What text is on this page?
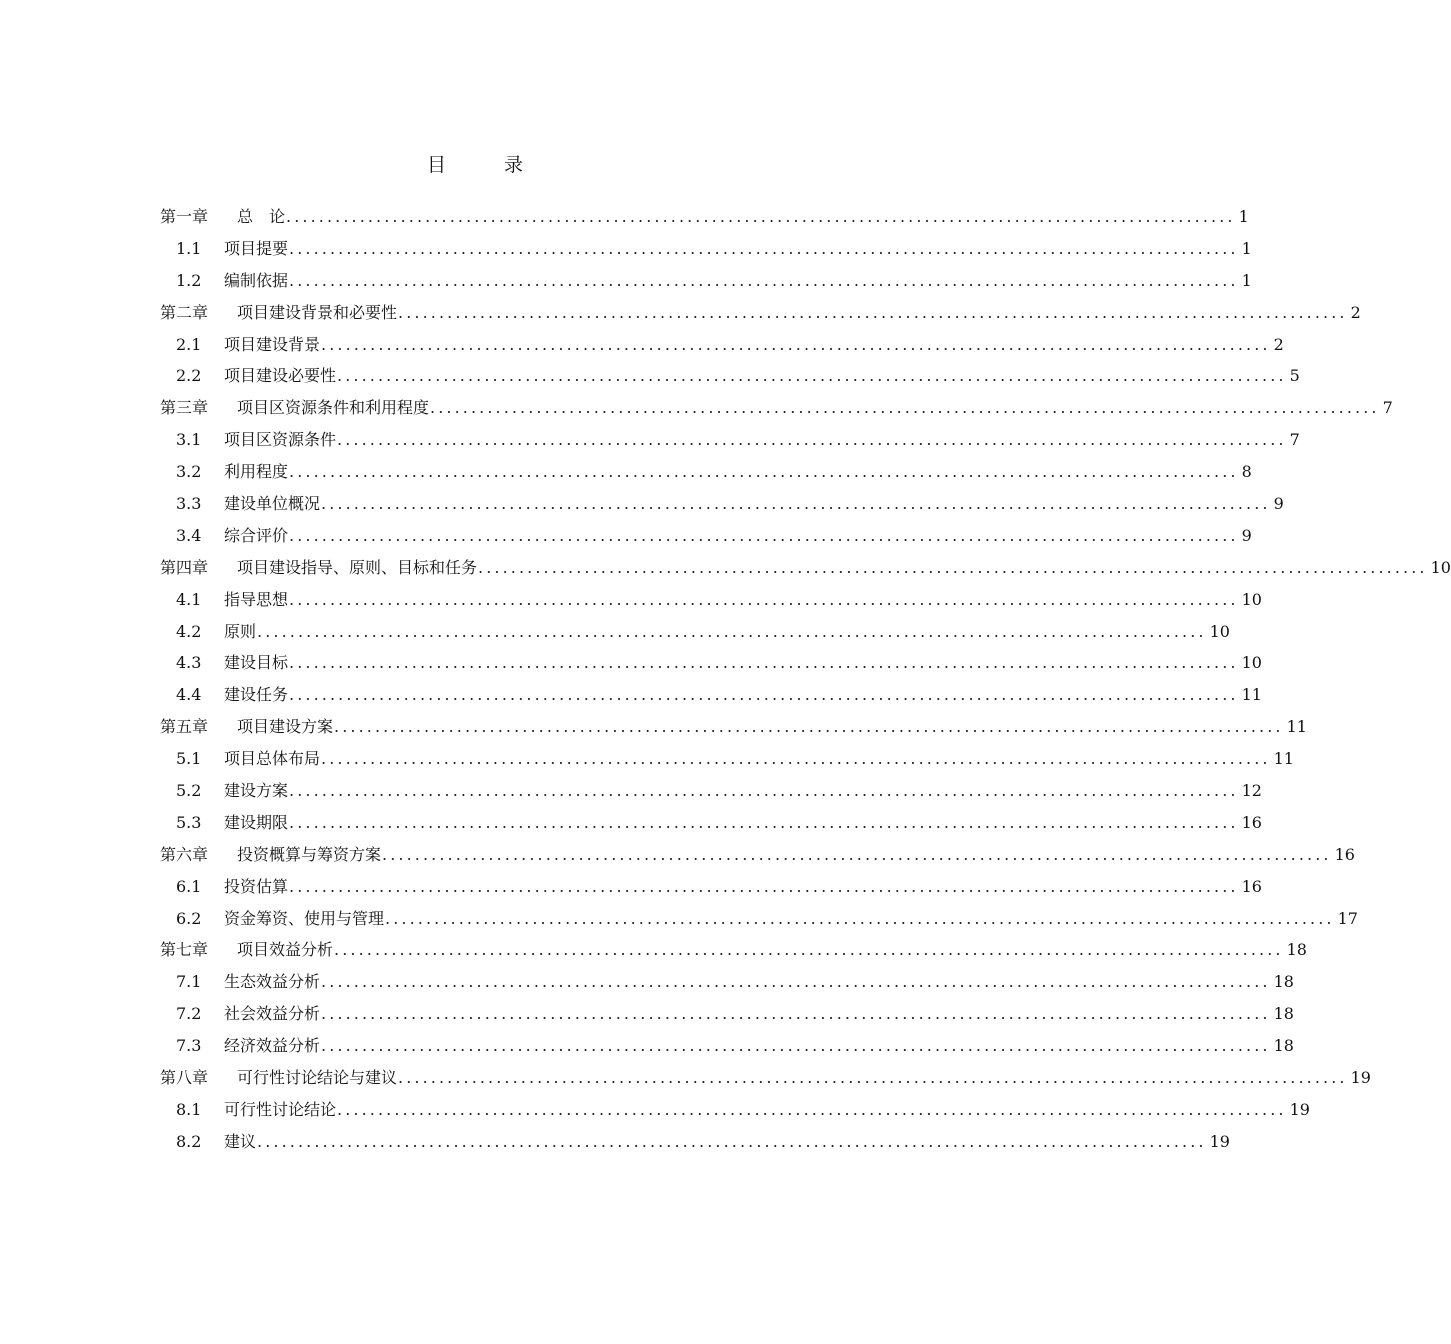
目	录
第一章	总　论 .................................................................................................................... 1
1.1	项目提要 .................................................................................................................... 1
1.2	编制依据 .................................................................................................................... 1
第二章	项目建设背景和必要性 .................................................................................................................... 2
2.1	项目建设背景 .................................................................................................................... 2
2.2	项目建设必要性 .................................................................................................................... 5
第三章	项目区资源条件和利用程度 .................................................................................................................... 7
3.1	项目区资源条件 .................................................................................................................... 7
3.2	利用程度 .................................................................................................................... 8
3.3	建设单位概况 .................................................................................................................... 9
3.4	综合评价 .................................................................................................................... 9
第四章	项目建设指导、原则、目标和任务 .................................................................................................................... 10
4.1	指导思想 .................................................................................................................... 10
4.2	原则 .................................................................................................................... 10
4.3	建设目标 .................................................................................................................... 10
4.4	建设任务 .................................................................................................................... 11
第五章	项目建设方案 .................................................................................................................... 11
5.1	项目总体布局 .................................................................................................................... 11
5.2	建设方案 .................................................................................................................... 12
5.3	建设期限 .................................................................................................................... 16
第六章	投资概算与筹资方案 .................................................................................................................... 16
6.1	投资估算 .................................................................................................................... 16
6.2	资金筹资、使用与管理 .................................................................................................................... 17
第七章	项目效益分析 .................................................................................................................... 18
7.1	生态效益分析 .................................................................................................................... 18
7.2	社会效益分析 .................................................................................................................... 18
7.3	经济效益分析 .................................................................................................................... 18
第八章	可行性讨论结论与建议 .................................................................................................................... 19
8.1	可行性讨论结论 .................................................................................................................... 19
8.2	建议 .................................................................................................................... 19
